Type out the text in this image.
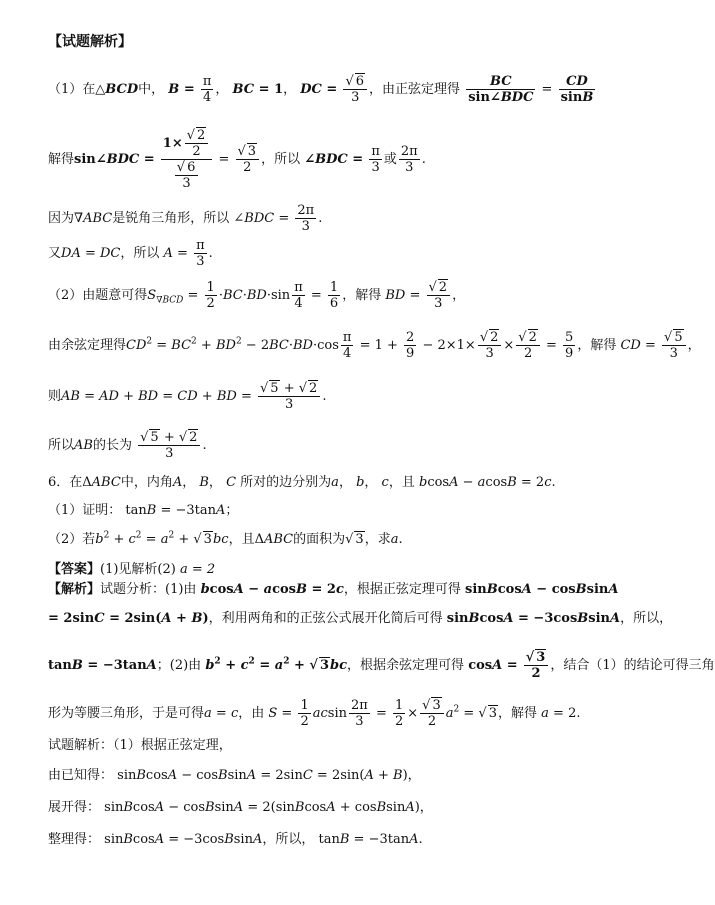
【试题解析】
（1）在△BCD中， $B = \frac{\pi}{4}$ ， BC = 1， DC = $\frac{√ 6}{3}$ ，由正弦定理得
BC
sin∠BDC
= $\frac{CD}{\sin B}$
解得sin∠BDC = $\frac{1\times \frac{√ 2}{2}}{\frac{√ 6}{3}} = \frac{√ 3}{2}$ ，所以 ∠BDC = $\frac{\pi}{3}$ 或 $\frac{2\pi}{3}$ .
因为∇ABC是锐角三角形，所以 ∠BDC = $\frac{2\pi}{3}$ .
又DA = DC，所以 $A = \frac{\pi}{3}$ .
（2）由题意可得$S_{\nabla BCD} = \frac{1}{2} \cdot BC\cdot BD\cdot\sin \frac{\pi}{4} = \frac{1}{6}$ ，解得 BD = $\frac{√ 2}{3}$ ，
由余弦定理得$CD^2 = BC^2 + BD^2 - 2BC\cdot BD\cdot\cos \frac{\pi}{4} = 1 + \frac{2}{9} - 2\times 1\times \frac{√ 2}{3} \times \frac{√ 2}{2} = \frac{5}{9}$ ，解得 CD = $\frac{√ 5}{3}$ ，
则AB = AD + BD = CD + BD = $\frac{√ 5 + √ 2}{3}$ .
所以AB的长为 $\frac{√ 5 + √ 2}{3}$ .
6．在ΔABC中，内角A， B， C 所对的边分别为a， b， c，且 bcosA − acosB = 2c.
（1）证明： tanB = −3tanA；
（2）若$b^2 + c^2 = a^2$ + √ 3bc，且ΔABC的面积为√ 3，求a.
【答案】(1)见解析(2) a = 2
【解析】试题分析：(1)由 bcosA − acosB = 2c，根据正弦定理可得 sinBcosA − cosBsinA
= 2sinC = 2sin(A + B)，利用两角和的正弦公式展开化简后可得 sinBcosA = −3cosBsinA，所以，
tanB = −3tanA；(2)由 $b^2 + c^2 = a^2$ + √ 3bc，根据余弦定理可得 $\cos A = \frac{√ 3}{2}$ ，结合（1）的结论可得三角
形为等腰三角形，于是可得a = c，由 $S = \frac{1}{2}$ acsin $\frac{2\pi}{3} = \frac{1}{2} \times \frac{√ 3}{2} a^2$ = √ 3，解得 a = 2.
试题解析：（1）根据正弦定理，
由已知得： sinBcosA − cosBsinA = 2sinC = 2sin(A + B)，
展开得： sinBcosA − cosBsinA = 2(sinBcosA + cosBsinA)，
整理得： sinBcosA = −3cosBsinA，所以， tanB = −3tanA.
